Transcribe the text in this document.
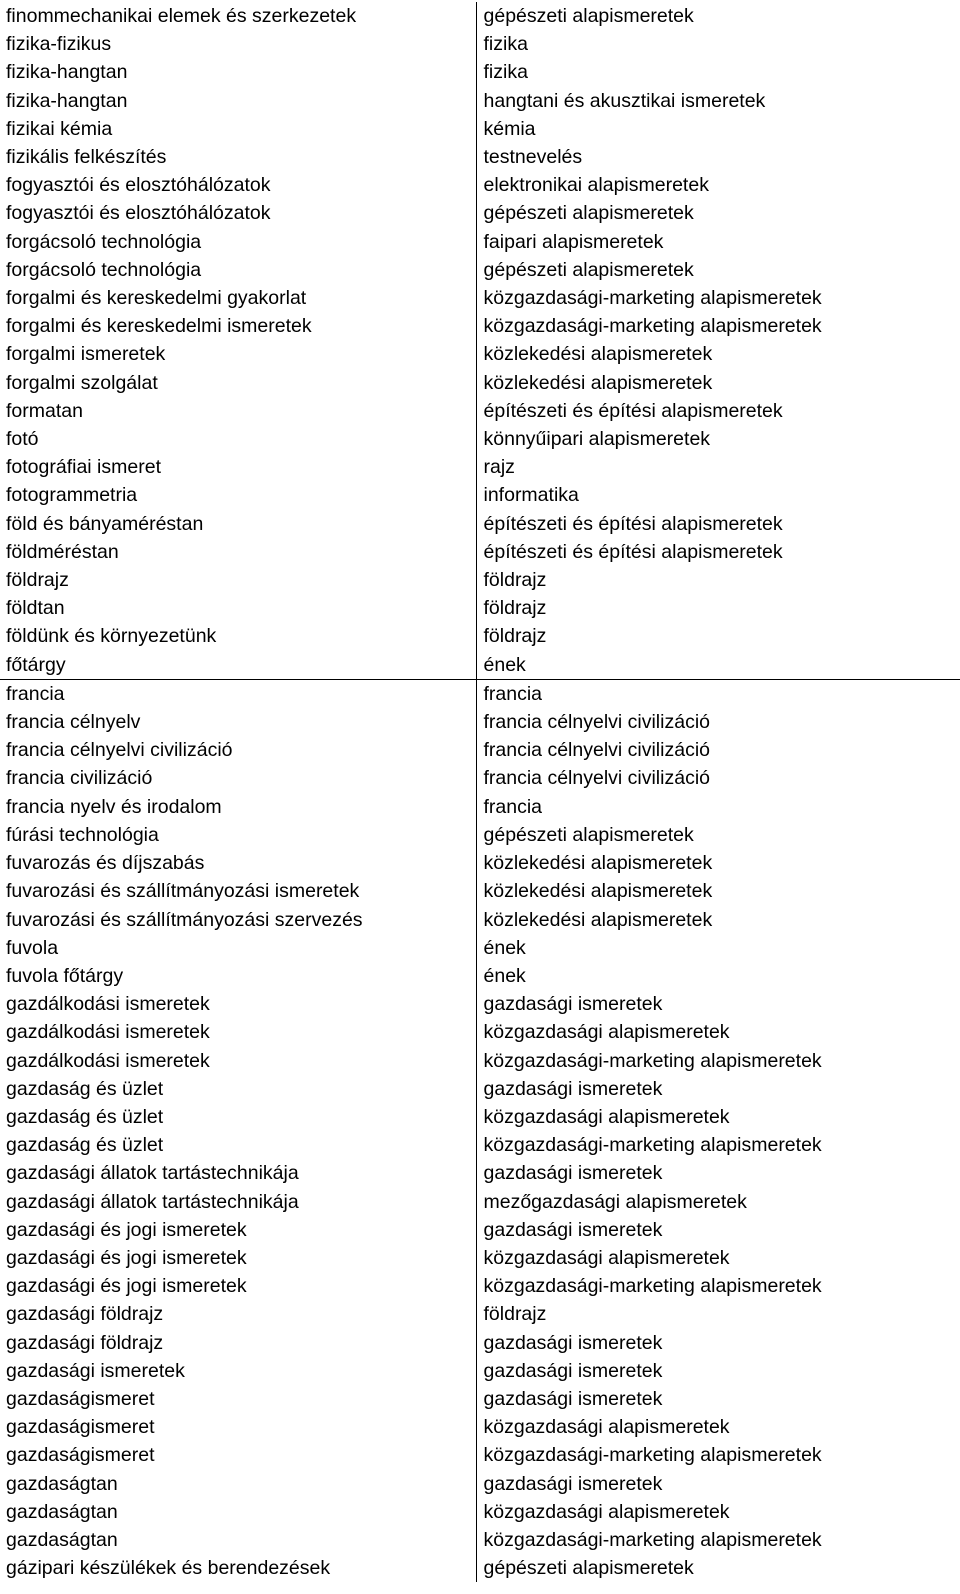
finommechanikai elemek és szerkezetek	gépészeti alapismeretek
fizika-fizikus	fizika
fizika-hangtan	fizika
fizika-hangtan	hangtani és akusztikai ismeretek
fizikai kémia	kémia
fizikális felkészítés	testnevelés
fogyasztói és elosztóhálózatok	elektronikai alapismeretek
fogyasztói és elosztóhálózatok	gépészeti alapismeretek
forgácsoló technológia	faipari alapismeretek
forgácsoló technológia	gépészeti alapismeretek
forgalmi és kereskedelmi gyakorlat	közgazdasági-marketing alapismeretek
forgalmi és kereskedelmi ismeretek	közgazdasági-marketing alapismeretek
forgalmi ismeretek	közlekedési alapismeretek
forgalmi szolgálat	közlekedési alapismeretek
formatan	építészeti és építési alapismeretek
fotó	könnyűipari alapismeretek
fotográfiai ismeret	rajz
fotogrammetria	informatika
föld és bányaméréstan	építészeti és építési alapismeretek
földméréstan	építészeti és építési alapismeretek
földrajz	földrajz
földtan	földrajz
földünk és környezetünk	földrajz
főtárgy	ének
francia	francia
francia célnyelv	francia célnyelvi civilizáció
francia célnyelvi civilizáció	francia célnyelvi civilizáció
francia civilizáció	francia célnyelvi civilizáció
francia nyelv és irodalom	francia
fúrási technológia	gépészeti alapismeretek
fuvarozás és díjszabás	közlekedési alapismeretek
fuvarozási és szállítmányozási ismeretek	közlekedési alapismeretek
fuvarozási és szállítmányozási szervezés	közlekedési alapismeretek
fuvola	ének
fuvola főtárgy	ének
gazdálkodási ismeretek	gazdasági ismeretek
gazdálkodási ismeretek	közgazdasági alapismeretek
gazdálkodási ismeretek	közgazdasági-marketing alapismeretek
gazdaság és üzlet	gazdasági ismeretek
gazdaság és üzlet	közgazdasági alapismeretek
gazdaság és üzlet	közgazdasági-marketing alapismeretek
gazdasági állatok tartástechnikája	gazdasági ismeretek
gazdasági állatok tartástechnikája	mezőgazdasági alapismeretek
gazdasági és jogi ismeretek	gazdasági ismeretek
gazdasági és jogi ismeretek	közgazdasági alapismeretek
gazdasági és jogi ismeretek	közgazdasági-marketing alapismeretek
gazdasági földrajz	földrajz
gazdasági földrajz	gazdasági ismeretek
gazdasági ismeretek	gazdasági ismeretek
gazdaságismeret	gazdasági ismeretek
gazdaságismeret	közgazdasági alapismeretek
gazdaságismeret	közgazdasági-marketing alapismeretek
gazdaságtan	gazdasági ismeretek
gazdaságtan	közgazdasági alapismeretek
gazdaságtan	közgazdasági-marketing alapismeretek
gázipari készülékek és berendezések	gépészeti alapismeretek
